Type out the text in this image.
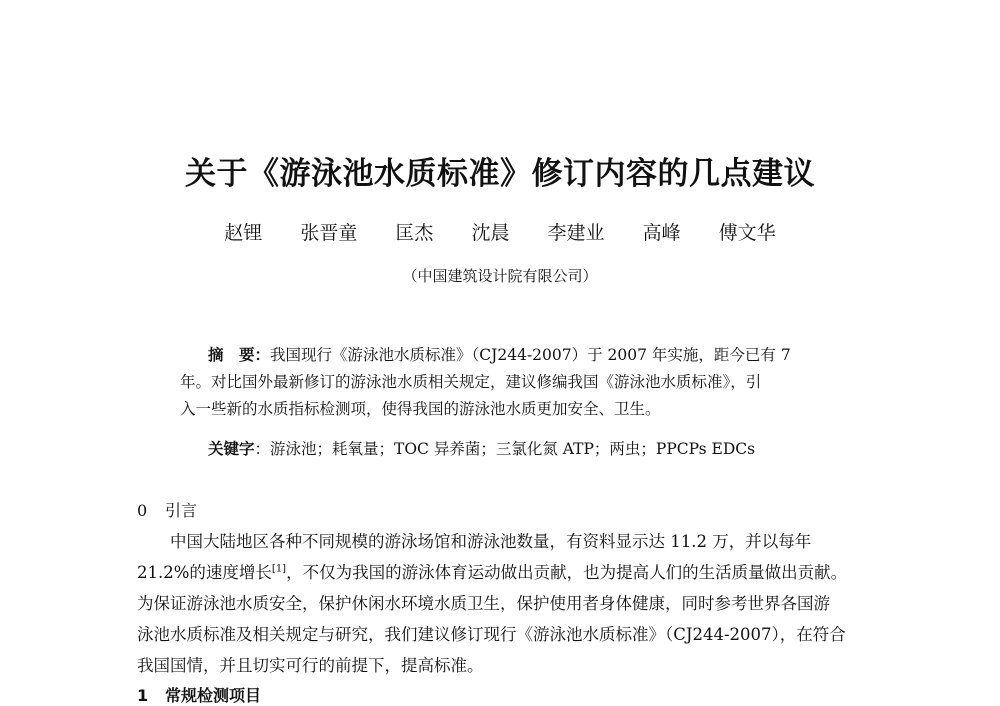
关于《游泳池水质标准》修订内容的几点建议
赵锂 张晋童 匡杰 沈晨 李建业 高峰 傅文华
（中国建筑设计院有限公司）
摘　要：我国现行《游泳池水质标准》（CJ244-2007）于 2007 年实施，距今已有 7
年。对比国外最新修订的游泳池水质相关规定，建议修编我国《游泳池水质标准》，引
入一些新的水质指标检测项，使得我国的游泳池水质更加安全、卫生。
关键字：游泳池；耗氧量；TOC 异养菌；三氯化氮 ATP；两虫；PPCPs EDCs
0 引言
中国大陆地区各种不同规模的游泳场馆和游泳池数量，有资料显示达 11.2 万，并以每年
21.2%的速度增长[1]，不仅为我国的游泳体育运动做出贡献，也为提高人们的生活质量做出贡献。
为保证游泳池水质安全，保护休闲水环境水质卫生，保护使用者身体健康，同时参考世界各国游
泳池水质标准及相关规定与研究，我们建议修订现行《游泳池水质标准》（CJ244-2007），在符合
我国国情，并且切实可行的前提下，提高标准。
1 常规检测项目
